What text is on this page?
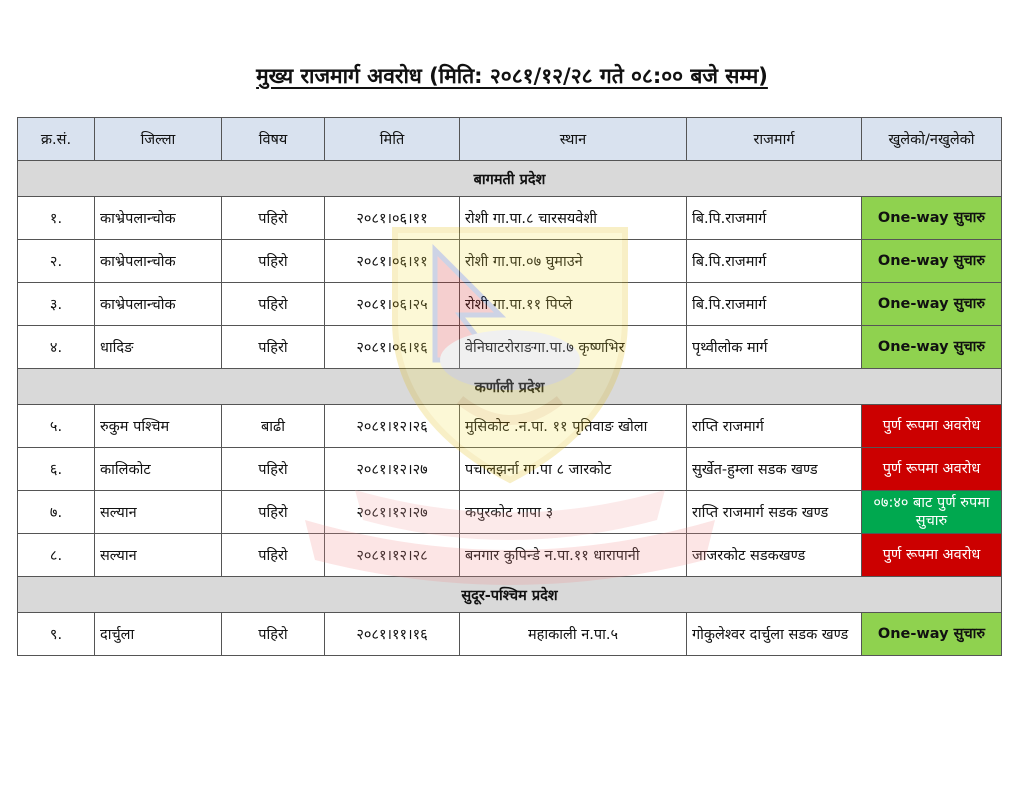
मुख्य राजमार्ग अवरोध (मिति: २०८१/१२/२८ गते ०८:०० बजे सम्म)
क्र.सं.	जिल्ला	विषय	मिति	स्थान	राजमार्ग	खुलेको/नखुलेको
बागमती प्रदेश						
१.	काभ्रेपलान्चोक	पहिरो	२०८१।०६।११	रोशी गा.पा.८ चारसयवेशी	बि.पि.राजमार्ग	One-way सुचारु
२.	काभ्रेपलान्चोक	पहिरो	२०८१।०६।११	रोशी गा.पा.०७ घुमाउने	बि.पि.राजमार्ग	One-way सुचारु
३.	काभ्रेपलान्चोक	पहिरो	२०८१।०६।२५	रोशी गा.पा.११ पिप्ले	बि.पि.राजमार्ग	One-way सुचारु
४.	धादिङ	पहिरो	२०८१।०६।१६	वेनिघाटरोराङगा.पा.७ कृष्णभिर	पृथ्वीलोक मार्ग	One-way सुचारु
कर्णाली प्रदेश						
५.	रुकुम पश्चिम	बाढी	२०८१।१२।२६	मुसिकोट .न.पा. ११ पृतिवाङ खोला	राप्ति राजमार्ग	पुर्ण रूपमा अवरोध
६.	कालिकोट	पहिरो	२०८१।१२।२७	पचालझर्ना गा.पा ८ जारकोट	सुर्खेत-हुम्ला सडक खण्ड	पुर्ण रूपमा अवरोध
७.	सल्यान	पहिरो	२०८१।१२।२७	कपुरकोट गापा ३	राप्ति राजमार्ग सडक खण्ड	०७:४० बाट पुर्ण रुपमा सुचारु
८.	सल्यान	पहिरो	२०८१।१२।२८	बनगार कुपिन्डे न.पा.११ धारापानी	जाजरकोट सडकखण्ड	पुर्ण रूपमा अवरोध
सुदूर-पश्चिम प्रदेश						
९.	दार्चुला	पहिरो	२०८१।११।१६	महाकाली न.पा.५	गोकुलेश्वर दार्चुला सडक खण्ड	One-way सुचारु
